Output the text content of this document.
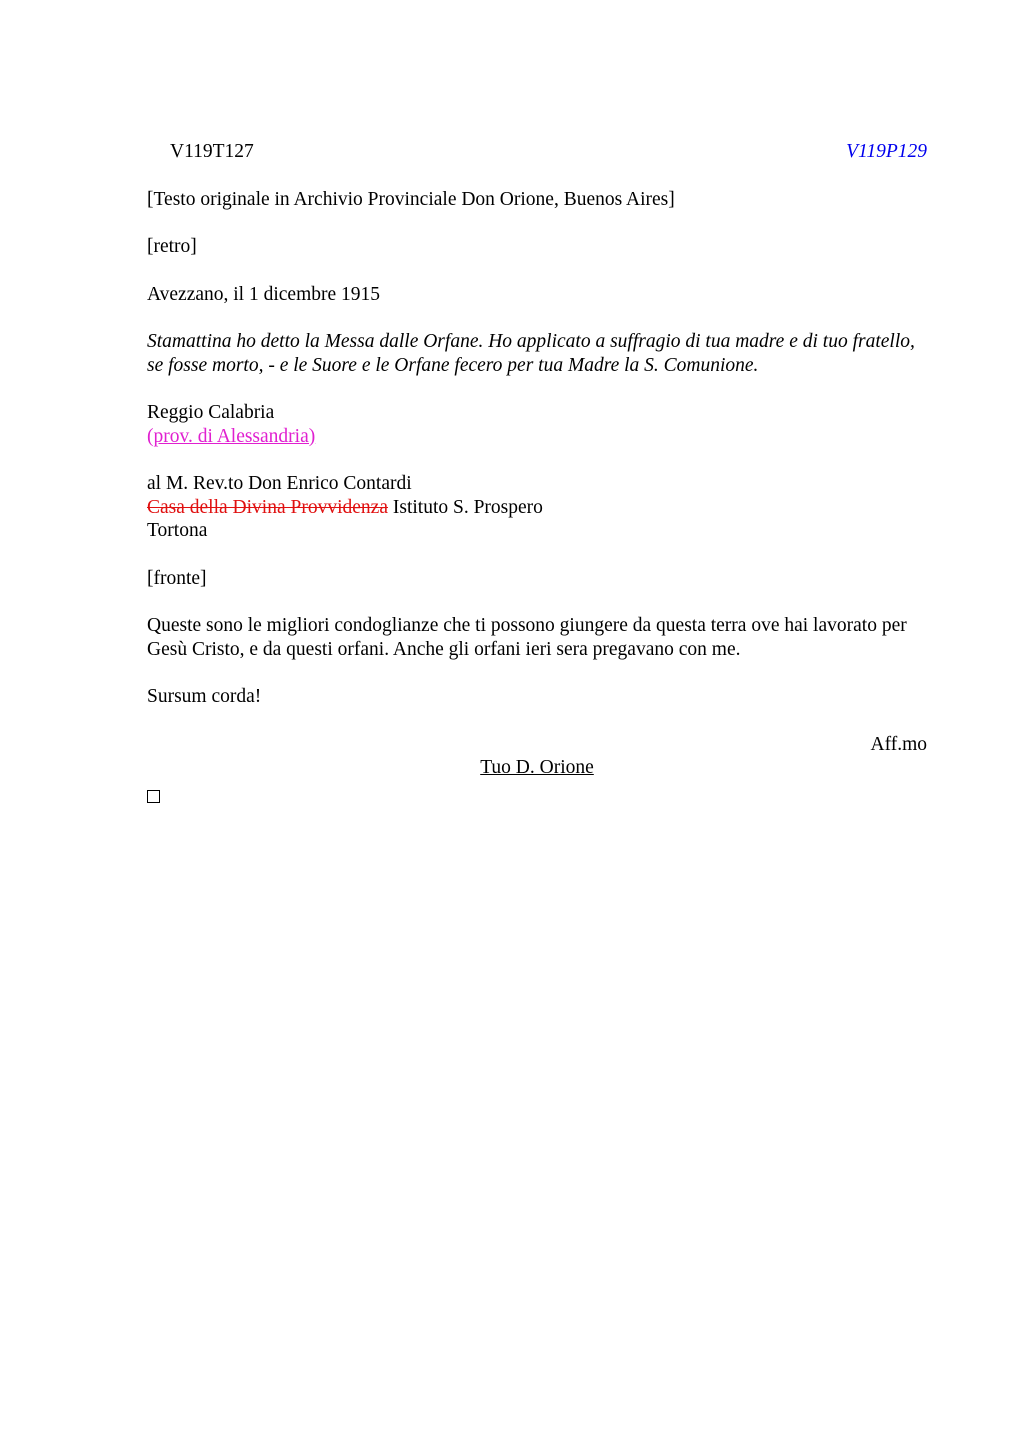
V119T127	V119P129
[Testo originale in Archivio Provinciale Don Orione, Buenos Aires]
[retro]
Avezzano, il 1 dicembre 1915
Stamattina ho detto la Messa dalle Orfane. Ho applicato a suffragio di tua madre e di tuo fratello, se fosse morto, - e le Suore e le Orfane fecero per tua Madre la S. Comunione.
Reggio Calabria
(prov. di Alessandria)
al M. Rev.to Don Enrico Contardi
Casa della Divina Provvidenza Istituto S. Prospero
Tortona
[fronte]
Queste sono le migliori condoglianze che ti possono giungere da questa terra ove hai lavorato per Gesù Cristo, e da questi orfani. Anche gli orfani ieri sera pregavano con me.
Sursum corda!
Aff.mo
Tuo D. Orione
